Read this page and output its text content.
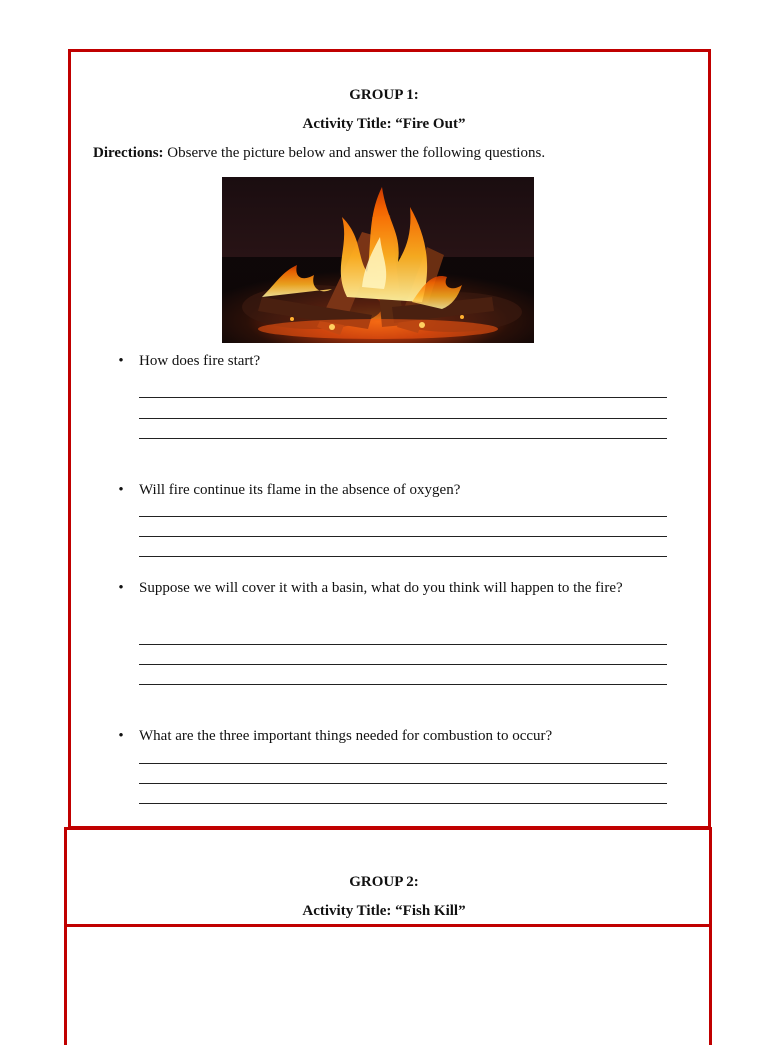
GROUP 1:
Activity Title: “Fire Out”
Directions: Observe the picture below and answer the following questions.
• How does fire start?
• Will fire continue its flame in the absence of oxygen?
• Suppose we will cover it with a basin, what do you think will happen to the fire?
• What are the three important things needed for combustion to occur?
GROUP 2:
Activity Title: “Fish Kill”
